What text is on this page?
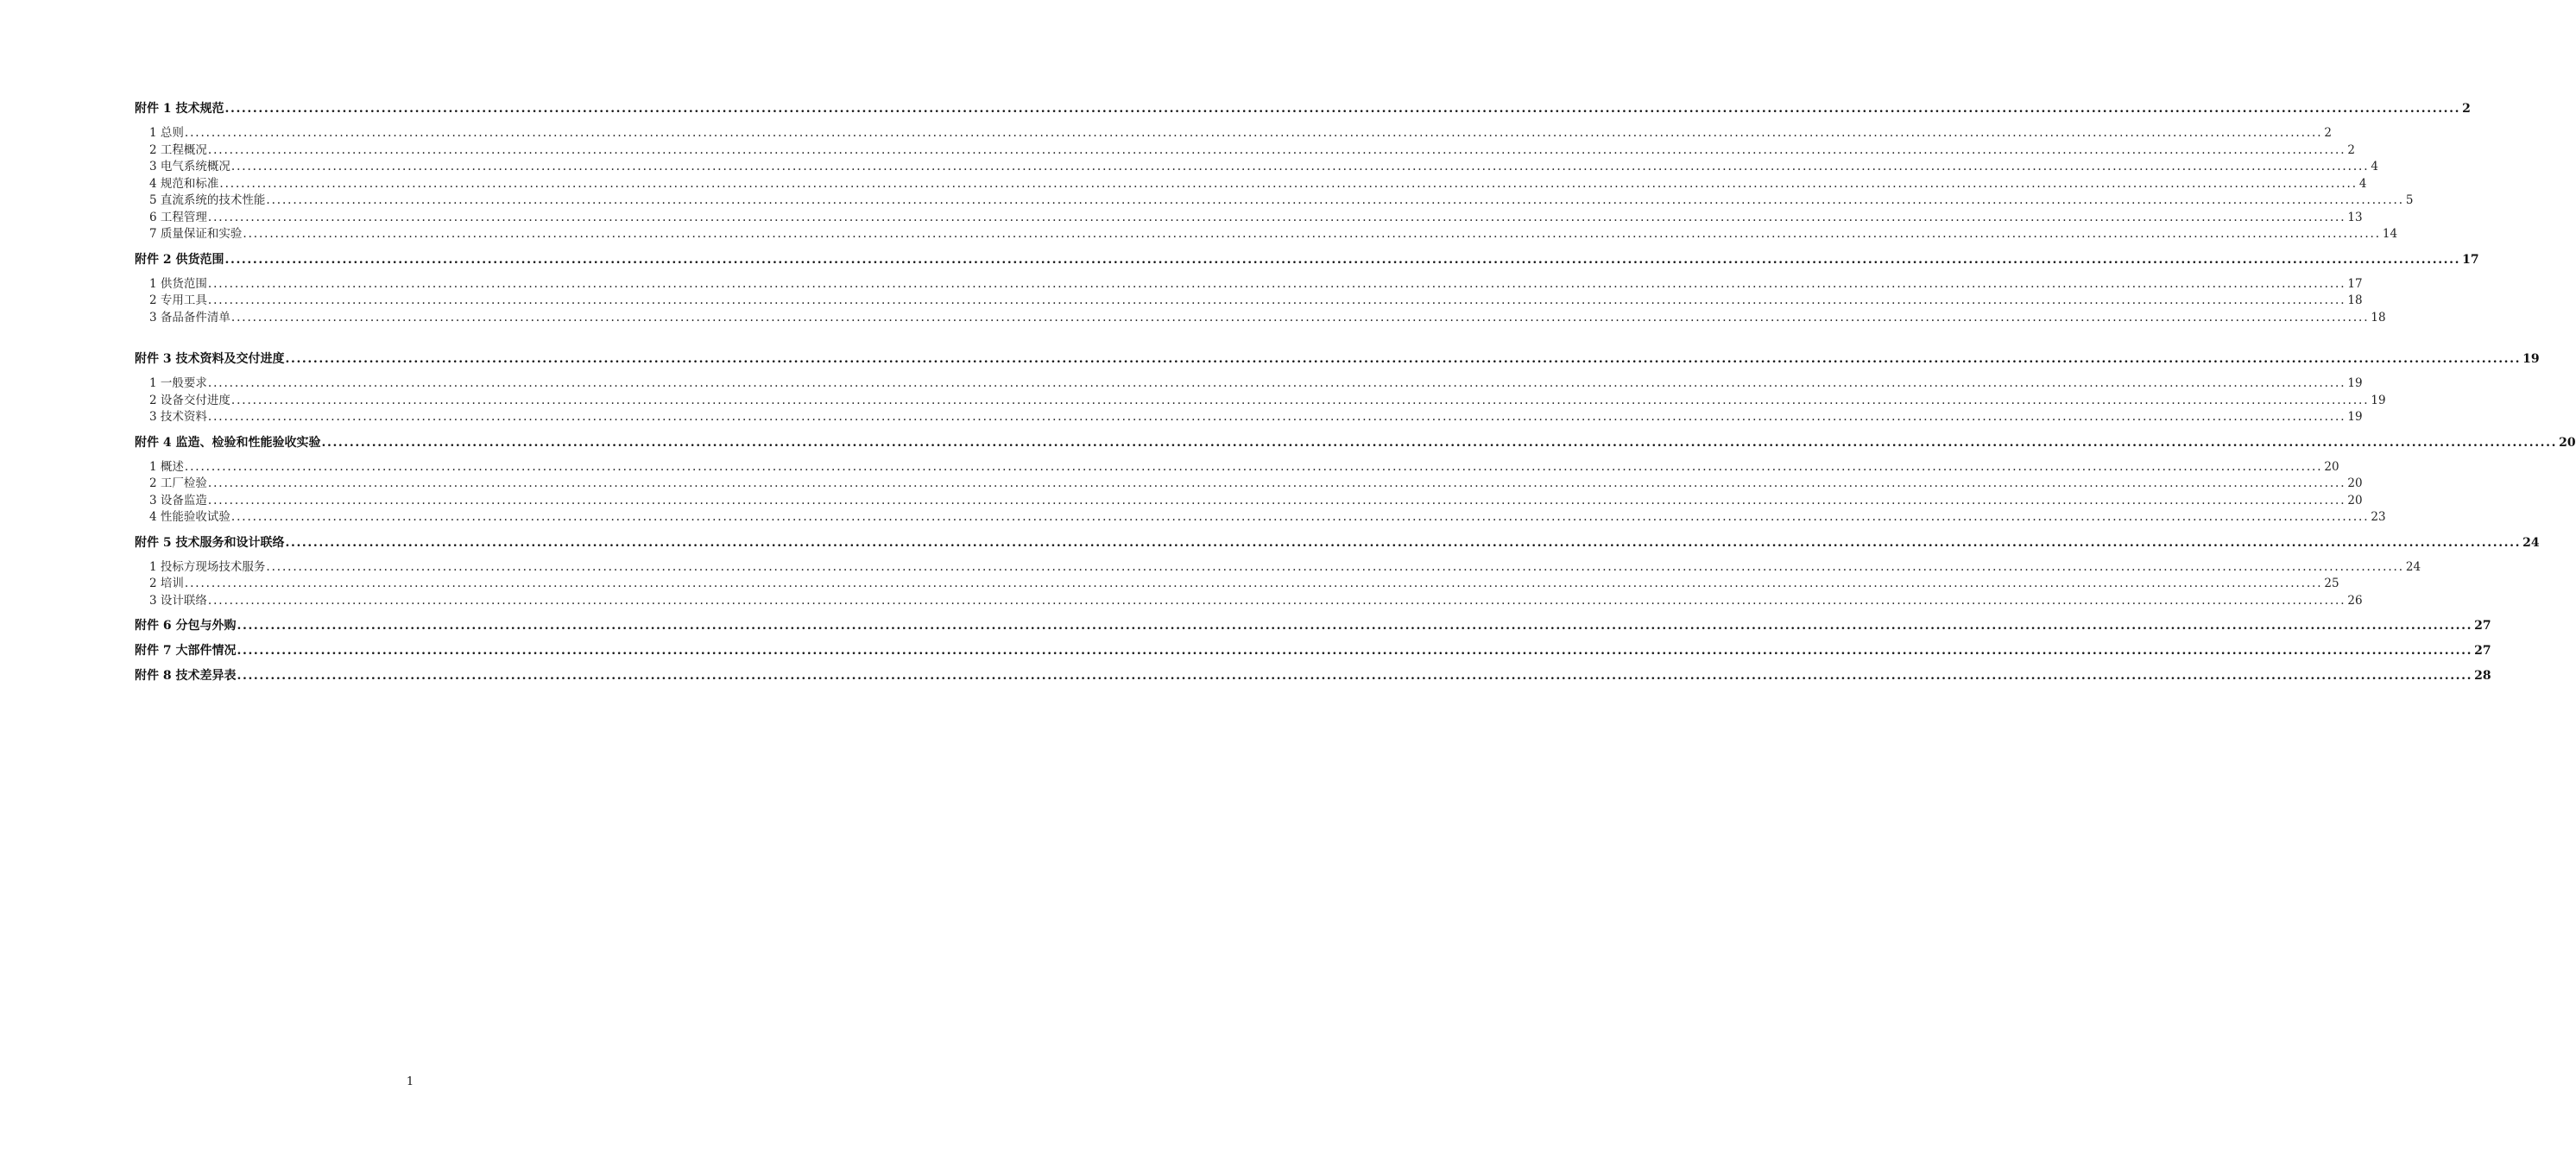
附件 1 技术规范 ................................................................................................................................................................................................................................................................................................................................................................................................................ 2
1 总则 ................................................................................................................................................................................................................................................................................................................................................................................................................ 2
2 工程概况 ................................................................................................................................................................................................................................................................................................................................................................................................................ 2
3 电气系统概况 ................................................................................................................................................................................................................................................................................................................................................................................................................ 4
4 规范和标准 ................................................................................................................................................................................................................................................................................................................................................................................................................ 4
5 直流系统的技术性能 ................................................................................................................................................................................................................................................................................................................................................................................................................ 5
6 工程管理 ................................................................................................................................................................................................................................................................................................................................................................................................................ 13
7 质量保证和实验 ................................................................................................................................................................................................................................................................................................................................................................................................................ 14
附件 2 供货范围 ................................................................................................................................................................................................................................................................................................................................................................................................................ 17
1 供货范围 ................................................................................................................................................................................................................................................................................................................................................................................................................ 17
2 专用工具 ................................................................................................................................................................................................................................................................................................................................................................................................................ 18
3 备品备件清单 ................................................................................................................................................................................................................................................................................................................................................................................................................ 18
附件 3 技术资料及交付进度 ................................................................................................................................................................................................................................................................................................................................................................................................................ 19
1 一般要求 ................................................................................................................................................................................................................................................................................................................................................................................................................ 19
2 设备交付进度 ................................................................................................................................................................................................................................................................................................................................................................................................................ 19
3 技术资料 ................................................................................................................................................................................................................................................................................................................................................................................................................ 19
附件 4 监造、检验和性能验收实验 ................................................................................................................................................................................................................................................................................................................................................................................................................ 20
1 概述 ................................................................................................................................................................................................................................................................................................................................................................................................................ 20
2 工厂检验 ................................................................................................................................................................................................................................................................................................................................................................................................................ 20
3 设备监造 ................................................................................................................................................................................................................................................................................................................................................................................................................ 20
4 性能验收试验 ................................................................................................................................................................................................................................................................................................................................................................................................................ 23
附件 5 技术服务和设计联络 ................................................................................................................................................................................................................................................................................................................................................................................................................ 24
1 投标方现场技术服务 ................................................................................................................................................................................................................................................................................................................................................................................................................ 24
2 培训 ................................................................................................................................................................................................................................................................................................................................................................................................................ 25
3 设计联络 ................................................................................................................................................................................................................................................................................................................................................................................................................ 26
附件 6 分包与外购 ................................................................................................................................................................................................................................................................................................................................................................................................................ 27
附件 7 大部件情况 ................................................................................................................................................................................................................................................................................................................................................................................................................ 27
附件 8 技术差异表 ................................................................................................................................................................................................................................................................................................................................................................................................................ 28
1
